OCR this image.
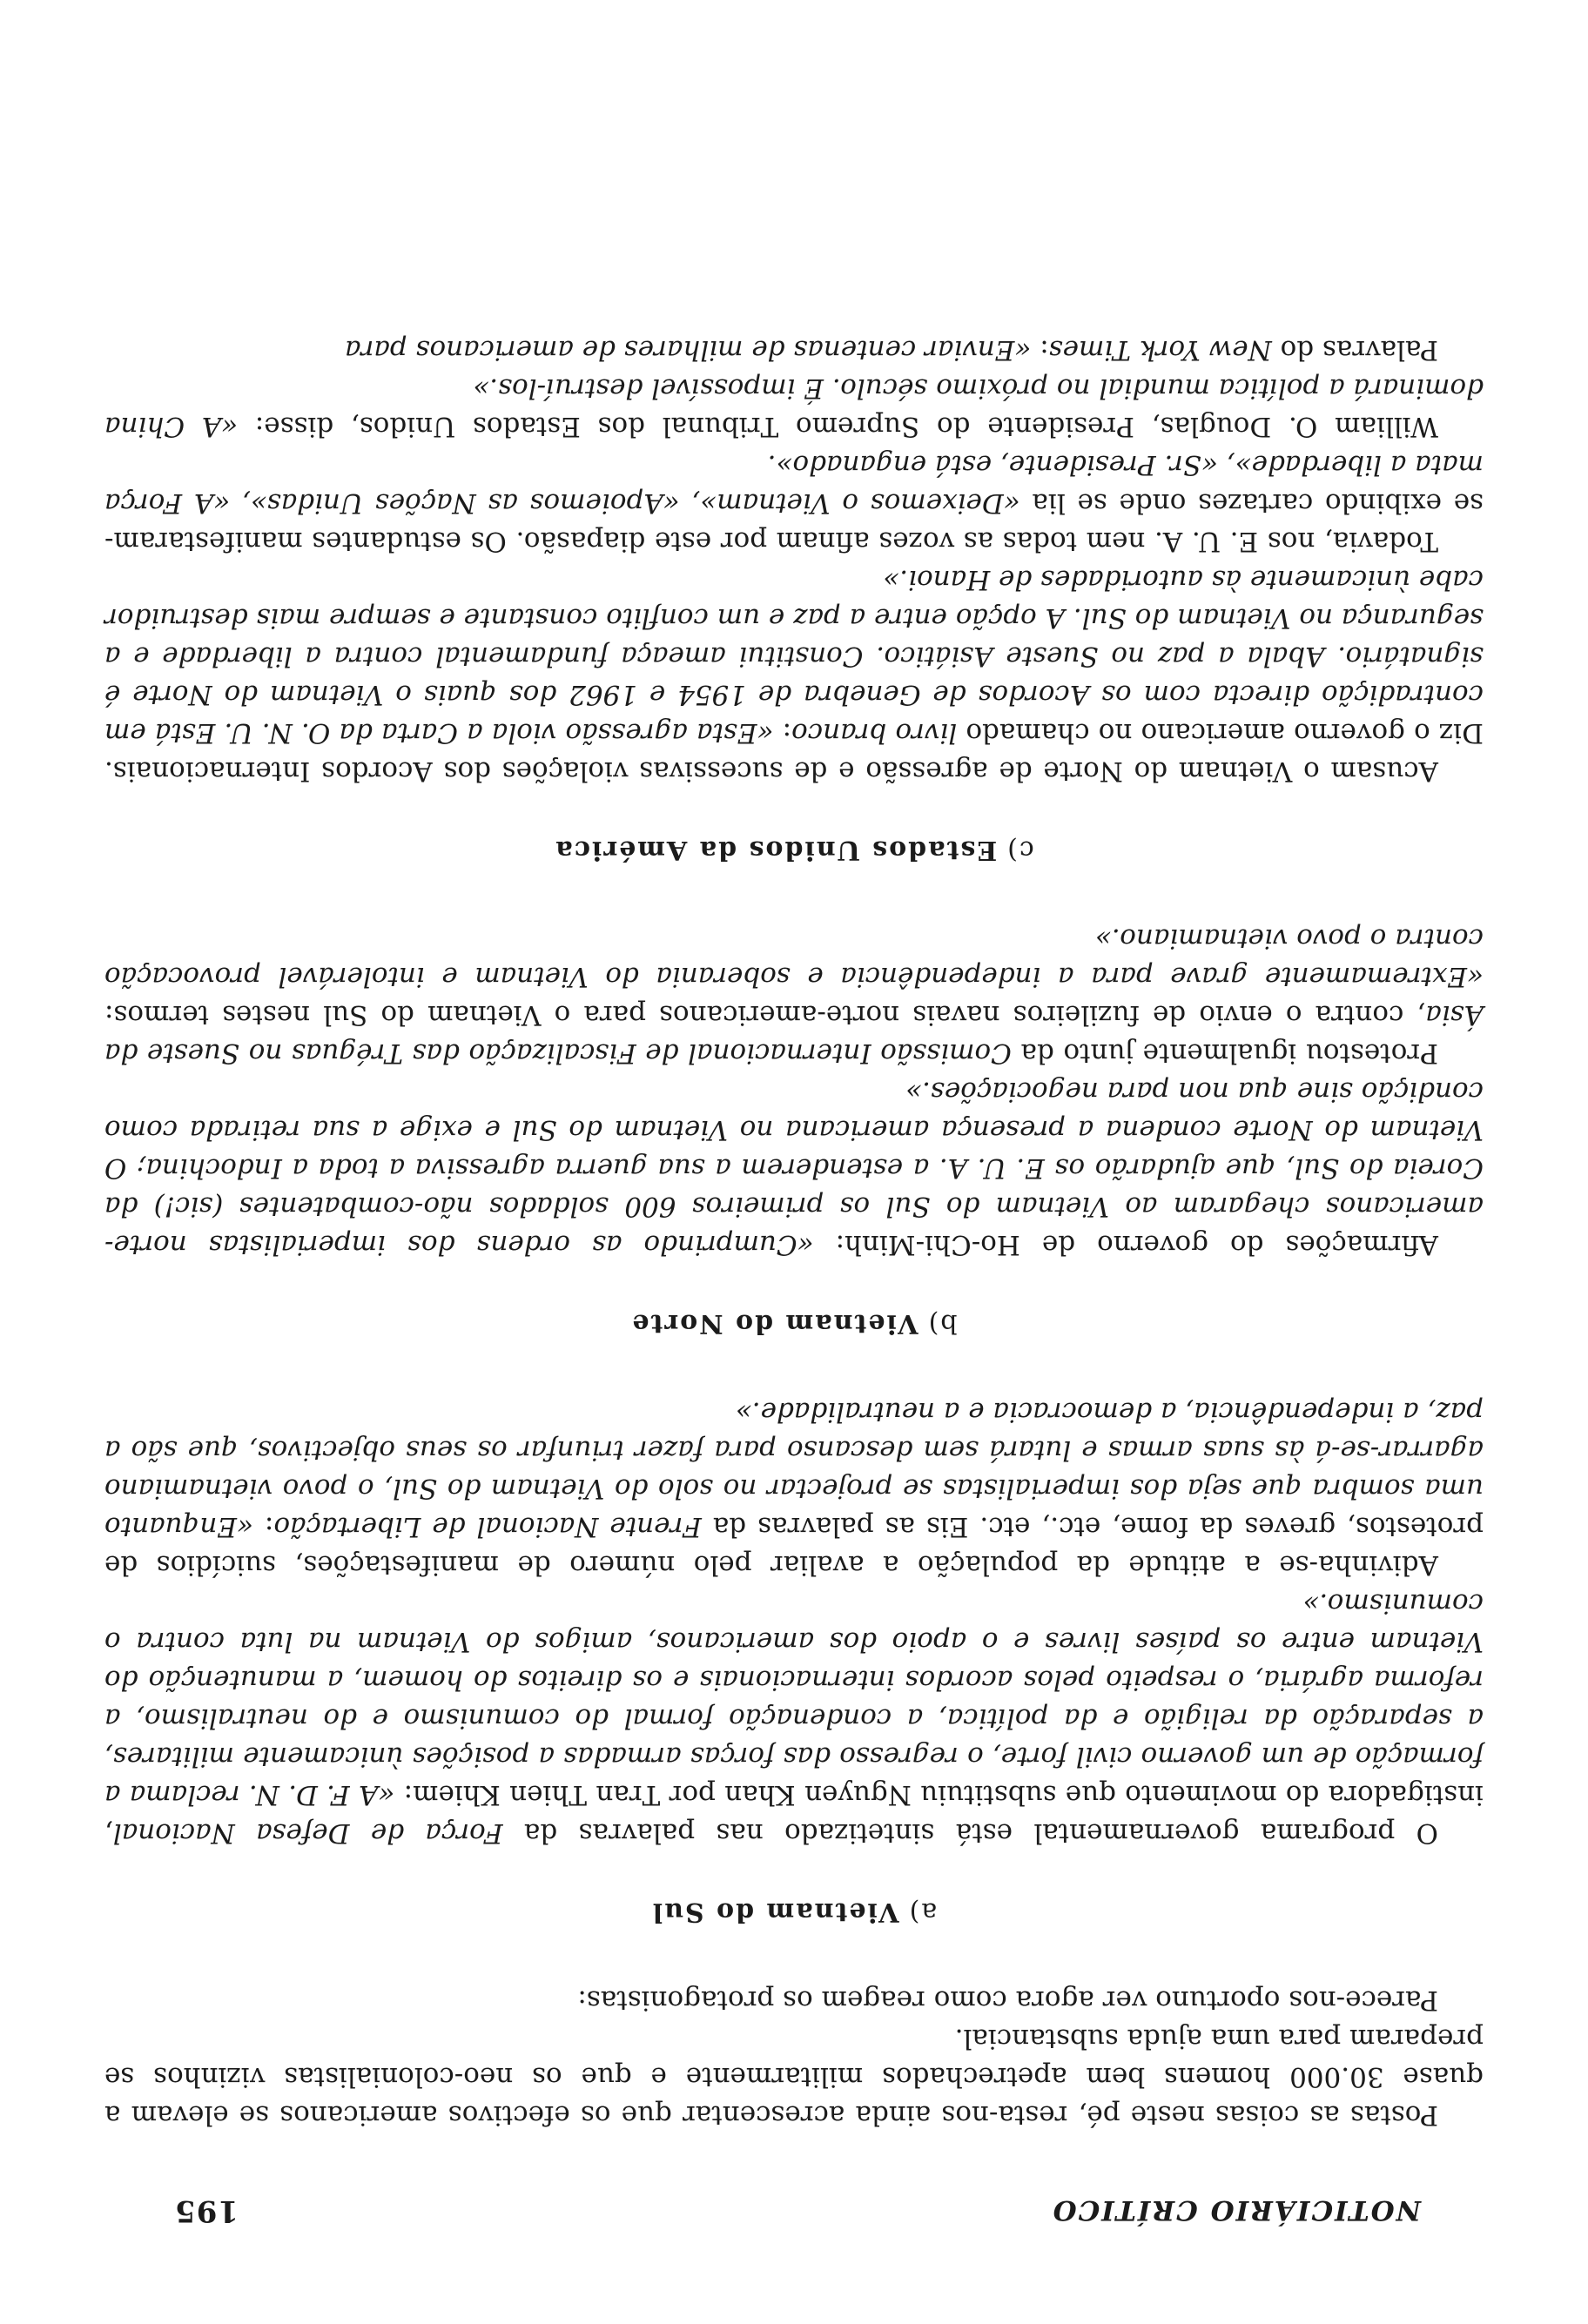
NOTICIÁRIO CRÍTICO
195

Postas as coisas neste pé, resta-nos ainda acrescentar que os efectivos americanos se elevam a quase 30.000 homens bem apetrechados militarmente e que os neo-colonialistas vizinhos se preparam para uma ajuda substancial.

Parece-nos oportuno ver agora como reagem os protagonistas:

a)Vietnam do Sul

O programa governamental está sintetizado nas palavras da Força de Defesa Nacional, instigadora do movimento que substituiu Nguyen Khan por Tran Thien Khiem: «A F. D. N. reclama a formação de um governo civil forte, o regresso das forças armadas a posições ùnicamente militares, a separação da religião e da política, a condenação formal do comunismo e do neutralismo, a reforma agrária, o respeito pelos acordos internacionais e os direitos do homem, a manutenção do Vietnam entre os países livres e o apoio dos americanos, amigos do Vietnam na luta contra o comunismo.»

Adivinha-se a atitude da população a avaliar pelo número de manifestações, suicídios de protestos, greves da fome, etc., etc. Eis as palavras da Frente Nacional de Libertação: «Enquanto uma sombra que seja dos imperialistas se projectar no solo do Vietnam do Sul, o povo vietnamiano agarrar-se-á às suas armas e lutará sem descanso para fazer triunfar os seus objectivos, que são a paz, a independência, a democracia e a neutralidade.»

b)Vietnam do Norte

Afirmações do governo de Ho-Chi-Minh: «Cumprindo as ordens dos imperialistas norte-americanos chegaram ao Vietnam do Sul os primeiros 600 soldados não-combatentes (sic!) da Coreia do Sul, que ajudarão os E. U. A. a estenderem a sua guerra agressiva a toda a Indochina; O Vietnam do Norte condena a presença americana no Vietnam do Sul e exige a sua retirada como condição sine qua non para negociações.»

Protestou igualmente junto da Comissão Internacional de Fiscalização das Tréguas no Sueste da Ásia, contra o envio de fuzileiros navais norte-americanos para o Vietnam do Sul nestes termos: «Extremamente grave para a independência e soberania do Vietnam e intolerável provocação contra o povo vietnamiano.»

c)Estados Unidos da América

Acusam o Vietnam do Norte de agressão e de sucessivas violações dos Acordos Internacionais. Diz o governo americano no chamado livro branco: «Esta agressão viola a Carta da O. N. U. Está em contradição directa com os Acordos de Genebra de 1954 e 1962 dos quais o Vietnam do Norte é signatário. Abala a paz no Sueste Asiático. Constitui ameaça fundamental contra a liberdade e a segurança no Vietnam do Sul. A opção entre a paz e um conflito constante e sempre mais destruidor cabe ùnicamente às autoridades de Hanoi.»

Todavia, nos E. U. A. nem todas as vozes afinam por este diapasão. Os estudantes manifestaram-se exibindo cartazes onde se lia «Deixemos o Vietnam», «Apoiemos as Nações Unidas», «A Força mata a liberdade», «Sr. Presidente, está enganado».

William O. Douglas, Presidente do Supremo Tribunal dos Estados Unidos, disse: «A China dominará a política mundial no próximo século. É impossível destruí-los.»

Palavras do New York Times: «Enviar centenas de milhares de americanos para
